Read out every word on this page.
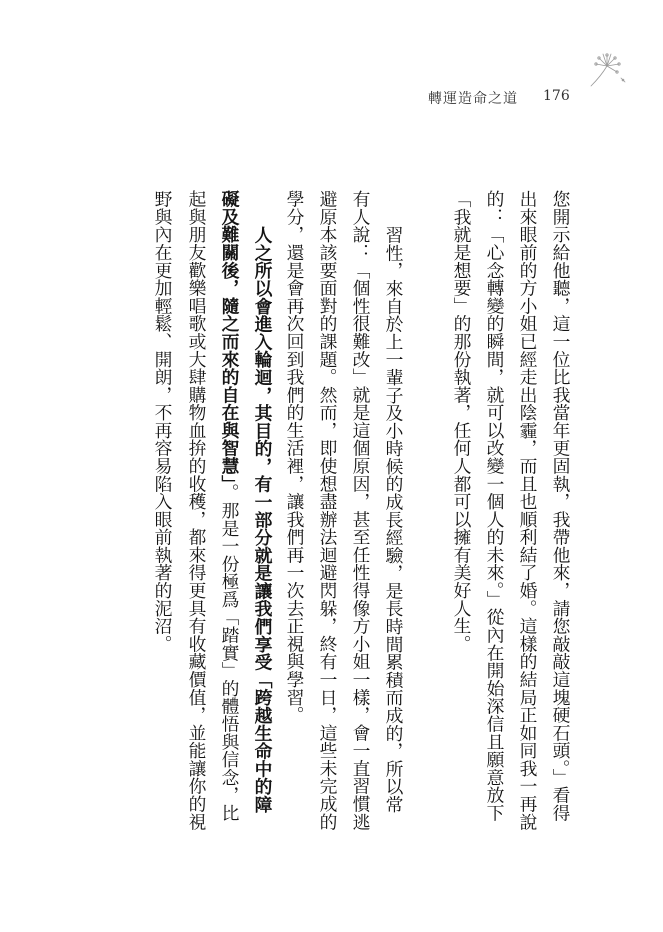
轉運造命之道 176
您開示給他聽，這一位比我當年更固執，我帶他來，請您敲敲這塊硬石頭。」看得
出來眼前的方小姐已經走出陰霾，而且也順利結了婚。這樣的結局正如同我一再說
的：「心念轉變的瞬間，就可以改變一個人的未來。」從內在開始深信且願意放下
「我就是想要」的那份執著，任何人都可以擁有美好人生。
習性，來自於上一輩子及小時候的成長經驗，是長時間累積而成的，所以常
有人說：「個性很難改」就是這個原因，甚至任性得像方小姐一樣，會一直習慣逃
避原本該要面對的課題。然而，即使想盡辦法迴避閃躲，終有一日，這些未完成的
學分，還是會再次回到我們的生活裡，讓我們再一次去正視與學習。
人之所以會進入輪迴，其目的，有一部分就是讓我們享受「跨越生命中的障
礙及難關後，隨之而來的自在與智慧」。那是一份極爲「踏實」的體悟與信念，比
起與朋友歡樂唱歌或大肆購物血拚的收穫，都來得更具有收藏價值，並能讓你的視
野與內在更加輕鬆、開朗，不再容易陷入眼前執著的泥沼。
